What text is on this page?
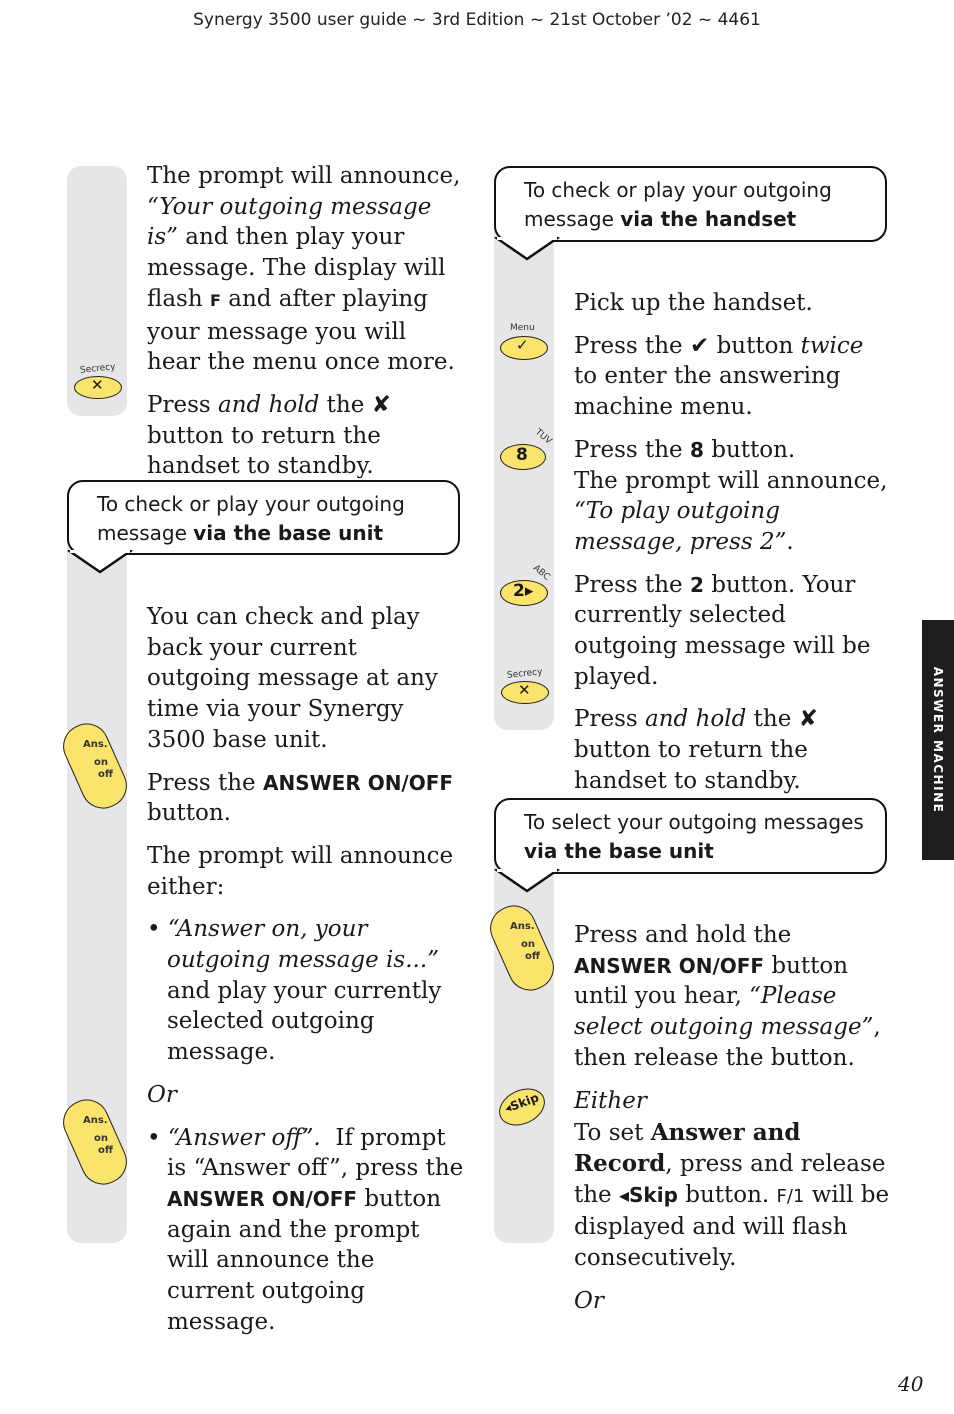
Synergy 3500 user guide ~ 3rd Edition ~ 21st October ’02 ~ 4461

The prompt will announce, “Your outgoing message is” and then play your message. The display will flash F and after playing your message you will hear the menu once more.

Press and hold the ✘ button to return the handset to standby.

Secrecy
✕
To check or play your outgoing
message via the base unit

You can check and play back your current outgoing message at any time via your Synergy 3500 base unit.

Press the ANSWER ON/OFF button.

The prompt will announce either:

• “Answer on, your outgoing message is...” and play your currently selected outgoing message.

Or

• “Answer off”. If prompt is “Answer off”, press the ANSWER ON/OFF button again and the prompt will announce the current outgoing message.

Ans.
on
off
Ans.
on
off
To check or play your outgoing
message via the handset

Pick up the handset.

Press the ✔ button twice to enter the answering machine menu.

Press the 8 button.
The prompt will announce,
“To play outgoing message, press 2”.

Press the 2 button. Your currently selected outgoing message will be played.

Press and hold the ✘ button to return the handset to standby.

Menu
✓
TUV
8
ABC
2▸
Secrecy
✕
To select your outgoing messages
via the base unit

Press and hold the ANSWER ON/OFF button until you hear, “Please select outgoing message”, then release the button.

Either

To set Answer and Record, press and release the ◂Skip button. F/1 will be displayed and will flash consecutively.

Or

Ans.
on
off
◂Skip
ANSWER MACHINE
40
